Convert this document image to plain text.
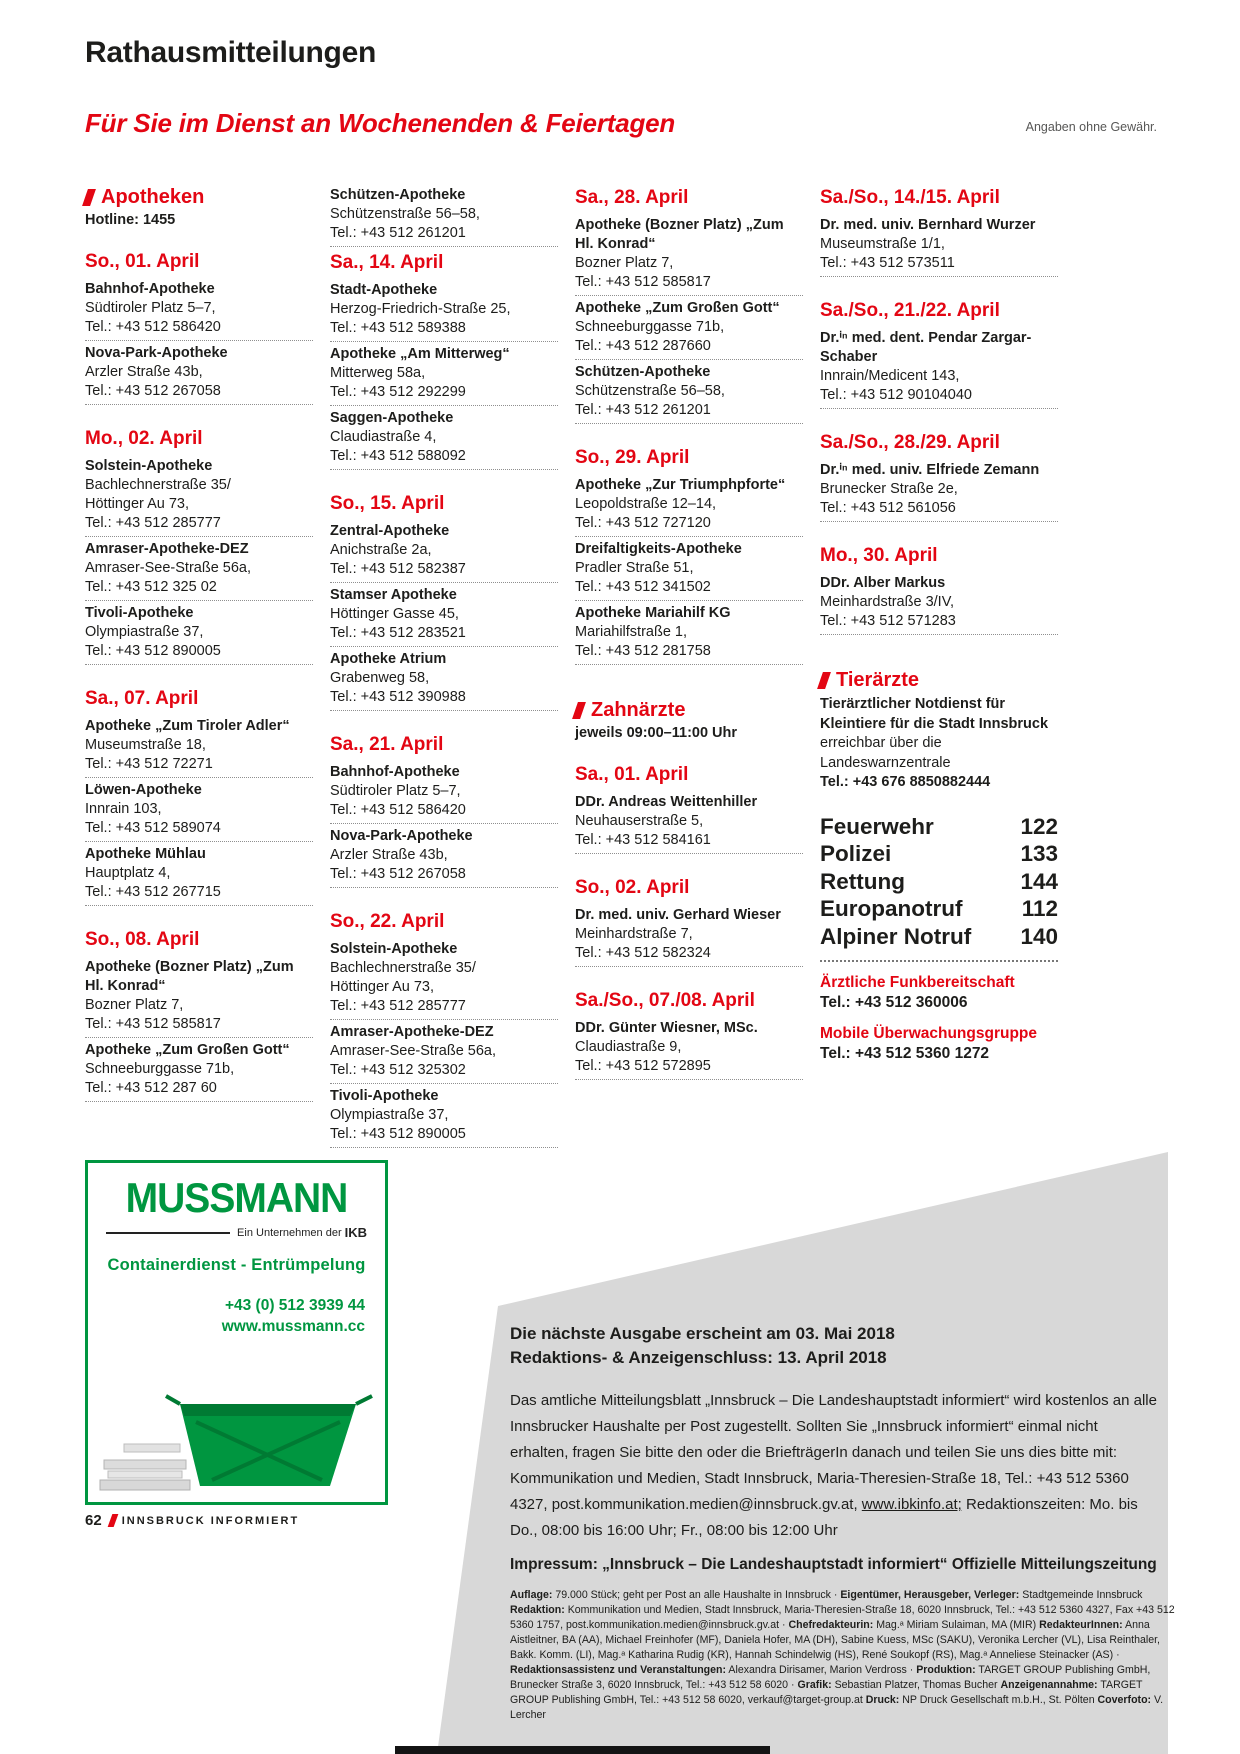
Rathausmitteilungen
Für Sie im Dienst an Wochenenden & Feiertagen	Angaben ohne Gewähr.
Apotheken
Hotline: 1455
So., 01. April
Bahnhof-Apotheke
Südtiroler Platz 5–7,
Tel.: +43 512 586420
Nova-Park-Apotheke
Arzler Straße 43b,
Tel.: +43 512 267058
Mo., 02. April
Solstein-Apotheke
Bachlechnerstraße 35/
Höttinger Au 73,
Tel.: +43 512 285777
Amraser-Apotheke-DEZ
Amraser-See-Straße 56a,
Tel.: +43 512 325 02
Tivoli-Apotheke
Olympiastraße 37,
Tel.: +43 512 890005
Sa., 07. April
Apotheke „Zum Tiroler Adler“
Museumstraße 18,
Tel.: +43 512 72271
Löwen-Apotheke
Innrain 103,
Tel.: +43 512 589074
Apotheke Mühlau
Hauptplatz 4,
Tel.: +43 512 267715
So., 08. April
Apotheke (Bozner Platz) „Zum Hl. Konrad“
Bozner Platz 7,
Tel.: +43 512 585817
Apotheke „Zum Großen Gott“
Schneeburggasse 71b,
Tel.: +43 512 287 60
Schützen-Apotheke
Schützenstraße 56–58,
Tel.: +43 512 261201
Sa., 14. April
Stadt-Apotheke
Herzog-Friedrich-Straße 25,
Tel.: +43 512 589388
Apotheke „Am Mitterweg“
Mitterweg 58a,
Tel.: +43 512 292299
Saggen-Apotheke
Claudiastraße 4,
Tel.: +43 512 588092
So., 15. April
Zentral-Apotheke
Anichstraße 2a,
Tel.: +43 512 582387
Stamser Apotheke
Höttinger Gasse 45,
Tel.: +43 512 283521
Apotheke Atrium
Grabenweg 58,
Tel.: +43 512 390988
Sa., 21. April
Bahnhof-Apotheke
Südtiroler Platz 5–7,
Tel.: +43 512 586420
Nova-Park-Apotheke
Arzler Straße 43b,
Tel.: +43 512 267058
So., 22. April
Solstein-Apotheke
Bachlechnerstraße 35/
Höttinger Au 73,
Tel.: +43 512 285777
Amraser-Apotheke-DEZ
Amraser-See-Straße 56a,
Tel.: +43 512 325302
Tivoli-Apotheke
Olympiastraße 37,
Tel.: +43 512 890005
Sa., 28. April
Apotheke (Bozner Platz) „Zum Hl. Konrad“
Bozner Platz 7,
Tel.: +43 512 585817
Apotheke „Zum Großen Gott“
Schneeburggasse 71b,
Tel.: +43 512 287660
Schützen-Apotheke
Schützenstraße 56–58,
Tel.: +43 512 261201
So., 29. April
Apotheke „Zur Triumphpforte“
Leopoldstraße 12–14,
Tel.: +43 512 727120
Dreifaltigkeits-Apotheke
Pradler Straße 51,
Tel.: +43 512 341502
Apotheke Mariahilf KG
Mariahilfstraße 1,
Tel.: +43 512 281758
Zahnärzte
jeweils 09:00–11:00 Uhr
Sa., 01. April
DDr. Andreas Weittenhiller
Neuhauserstraße 5,
Tel.: +43 512 584161
So., 02. April
Dr. med. univ. Gerhard Wieser
Meinhardstraße 7,
Tel.: +43 512 582324
Sa./So., 07./08. April
DDr. Günter Wiesner, MSc.
Claudiastraße 9,
Tel.: +43 512 572895
Sa./So., 14./15. April
Dr. med. univ. Bernhard Wurzer
Museumstraße 1/1,
Tel.: +43 512 573511
Sa./So., 21./22. April
Dr.ⁱⁿ med. dent. Pendar Zargar-Schaber
Innrain/Medicent 143,
Tel.: +43 512 90104040
Sa./So., 28./29. April
Dr.ⁱⁿ med. univ. Elfriede Zemann
Brunecker Straße 2e,
Tel.: +43 512 561056
Mo., 30. April
DDr. Alber Markus
Meinhardstraße 3/IV,
Tel.: +43 512 571283
Tierärzte
Tierärztlicher Notdienst für Kleintiere für die Stadt Innsbruck erreichbar über die Landeswarnzentrale
Tel.: +43 676 8850882444
Feuerwehr	122
Polizei	133
Rettung	144
Europanotruf	112
Alpiner Notruf 140
Ärztliche Funkbereitschaft
Tel.: +43 512 360006
Mobile Überwachungsgruppe
Tel.: +43 512 5360 1272
MUSSMANN
Ein Unternehmen der IKB
Containerdienst - Entrümpelung
+43 (0) 512 3939 44
www.mussmann.cc	Die nächste Ausgabe erscheint am 03. Mai 2018
Redaktions- & Anzeigenschluss: 13. April 2018

Das amtliche Mitteilungsblatt „Innsbruck – Die Landeshauptstadt informiert“ wird kostenlos an alle Innsbrucker Haushalte per Post zugestellt. Sollten Sie „Innsbruck informiert“ einmal nicht erhalten, fragen Sie bitte den oder die BriefträgerIn danach und teilen Sie uns dies bitte mit: Kommunikation und Medien, Stadt Innsbruck, Maria-Theresien-Straße 18, Tel.: +43 512 5360 4327, post.kommunikation.medien@innsbruck.gv.at, www.ibkinfo.at; Redaktionszeiten: Mo. bis Do., 08:00 bis 16:00 Uhr; Fr., 08:00 bis 12:00 Uhr

Impressum: „Innsbruck – Die Landeshauptstadt informiert“ Offizielle Mitteilungszeitung

Auflage: 79.000 Stück; geht per Post an alle Haushalte in Innsbruck · Eigentümer, Herausgeber, Verleger: Stadtgemeinde Innsbruck Redaktion: Kommunikation und Medien, Stadt Innsbruck, Maria-Theresien-Straße 18, 6020 Innsbruck, Tel.: +43 512 5360 4327, Fax +43 512 5360 1757, post.kommunikation.medien@innsbruck.gv.at · Chefredakteurin: Mag.ᵃ Miriam Sulaiman, MA (MIR) RedakteurInnen: Anna Aistleitner, BA (AA), Michael Freinhofer (MF), Daniela Hofer, MA (DH), Sabine Kuess, MSc (SAKU), Veronika Lercher (VL), Lisa Reinthaler, Bakk. Komm. (LI), Mag.ᵃ Katharina Rudig (KR), Hannah Schindelwig (HS), René Soukopf (RS), Mag.ᵃ Anneliese Steinacker (AS) · Redaktionsassistenz und Veranstaltungen: Alexandra Dirisamer, Marion Verdross · Produktion: TARGET GROUP Publishing GmbH, Brunecker Straße 3, 6020 Innsbruck, Tel.: +43 512 58 6020 · Grafik: Sebastian Platzer, Thomas Bucher Anzeigenannahme: TARGET GROUP Publishing GmbH, Tel.: +43 512 58 6020, verkauf@target-group.at Druck: NP Druck Gesellschaft m.b.H., St. Pölten Coverfoto: V. Lercher

62 INNSBRUCK INFORMIERT
